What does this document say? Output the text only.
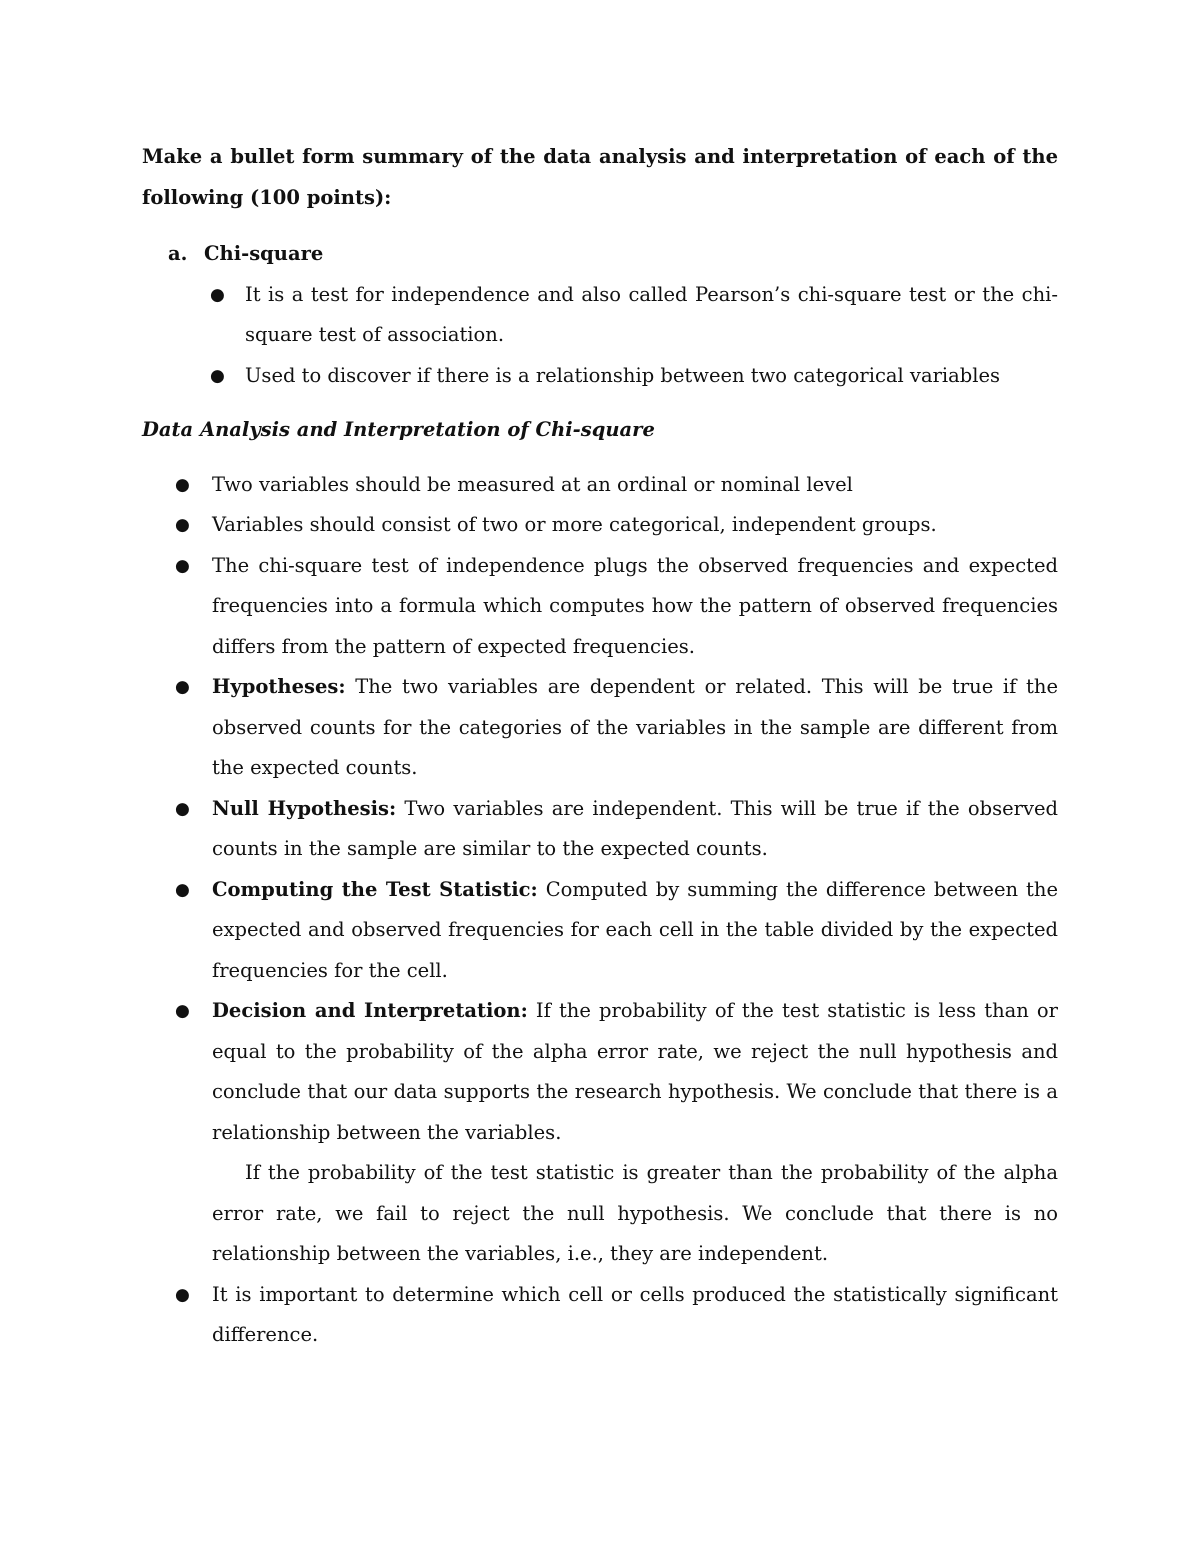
Make a bullet form summary of the data analysis and interpretation of each of the following (100 points):

a. Chi-square
● It is a test for independence and also called Pearson’s chi-square test or the chi-square test of association.
● Used to discover if there is a relationship between two categorical variables

Data Analysis and Interpretation of Chi-square

● Two variables should be measured at an ordinal or nominal level
● Variables should consist of two or more categorical, independent groups.
● The chi-square test of independence plugs the observed frequencies and expected frequencies into a formula which computes how the pattern of observed frequencies differs from the pattern of expected frequencies.
● Hypotheses: The two variables are dependent or related. This will be true if the observed counts for the categories of the variables in the sample are different from the expected counts.
● Null Hypothesis: Two variables are independent. This will be true if the observed counts in the sample are similar to the expected counts.
● Computing the Test Statistic: Computed by summing the difference between the expected and observed frequencies for each cell in the table divided by the expected frequencies for the cell.
● Decision and Interpretation: If the probability of the test statistic is less than or equal to the probability of the alpha error rate, we reject the null hypothesis and conclude that our data supports the research hypothesis. We conclude that there is a relationship between the variables.
If the probability of the test statistic is greater than the probability of the alpha error rate, we fail to reject the null hypothesis. We conclude that there is no relationship between the variables, i.e., they are independent.
● It is important to determine which cell or cells produced the statistically significant difference.
